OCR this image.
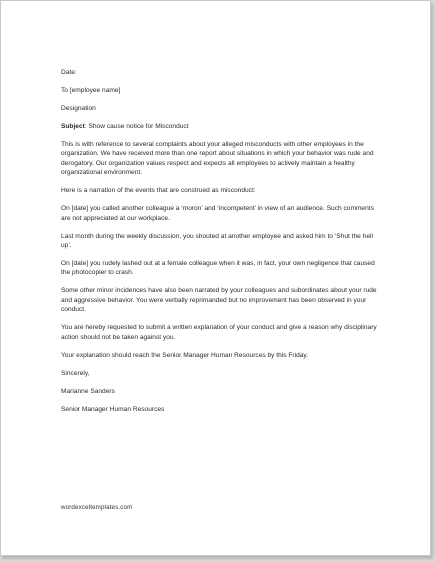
Date:

To [employee name]

Designation

Subject: Show cause notice for Misconduct

This is with reference to several complaints about your alleged misconducts with other employees in the organization. We have received more than one report about situations in which your behavior was rude and derogatory. Our organization values respect and expects all employees to actively maintain a healthy organizational environment.

Here is a narration of the events that are construed as misconduct:

On [date] you called another colleague a ‘moron’ and ‘incompetent’ in view of an audience. Such comments are not appreciated at our workplace.

Last month during the weekly discussion, you shouted at another employee and asked him to ‘Shut the hell up’.

On [date] you rudely lashed out at a female colleague when it was, in fact, your own negligence that caused the photocopier to crash.

Some other minor incidences have also been narrated by your colleagues and subordinates about your rude and aggressive behavior. You were verbally reprimanded but no improvement has been observed in your conduct.

You are hereby requested to submit a written explanation of your conduct and give a reason why disciplinary action should not be taken against you.

Your explanation should reach the Senior Manager Human Resources by this Friday.

Sincerely,

Marianne Sanders

Senior Manager Human Resources

wordexceltemplates.com
